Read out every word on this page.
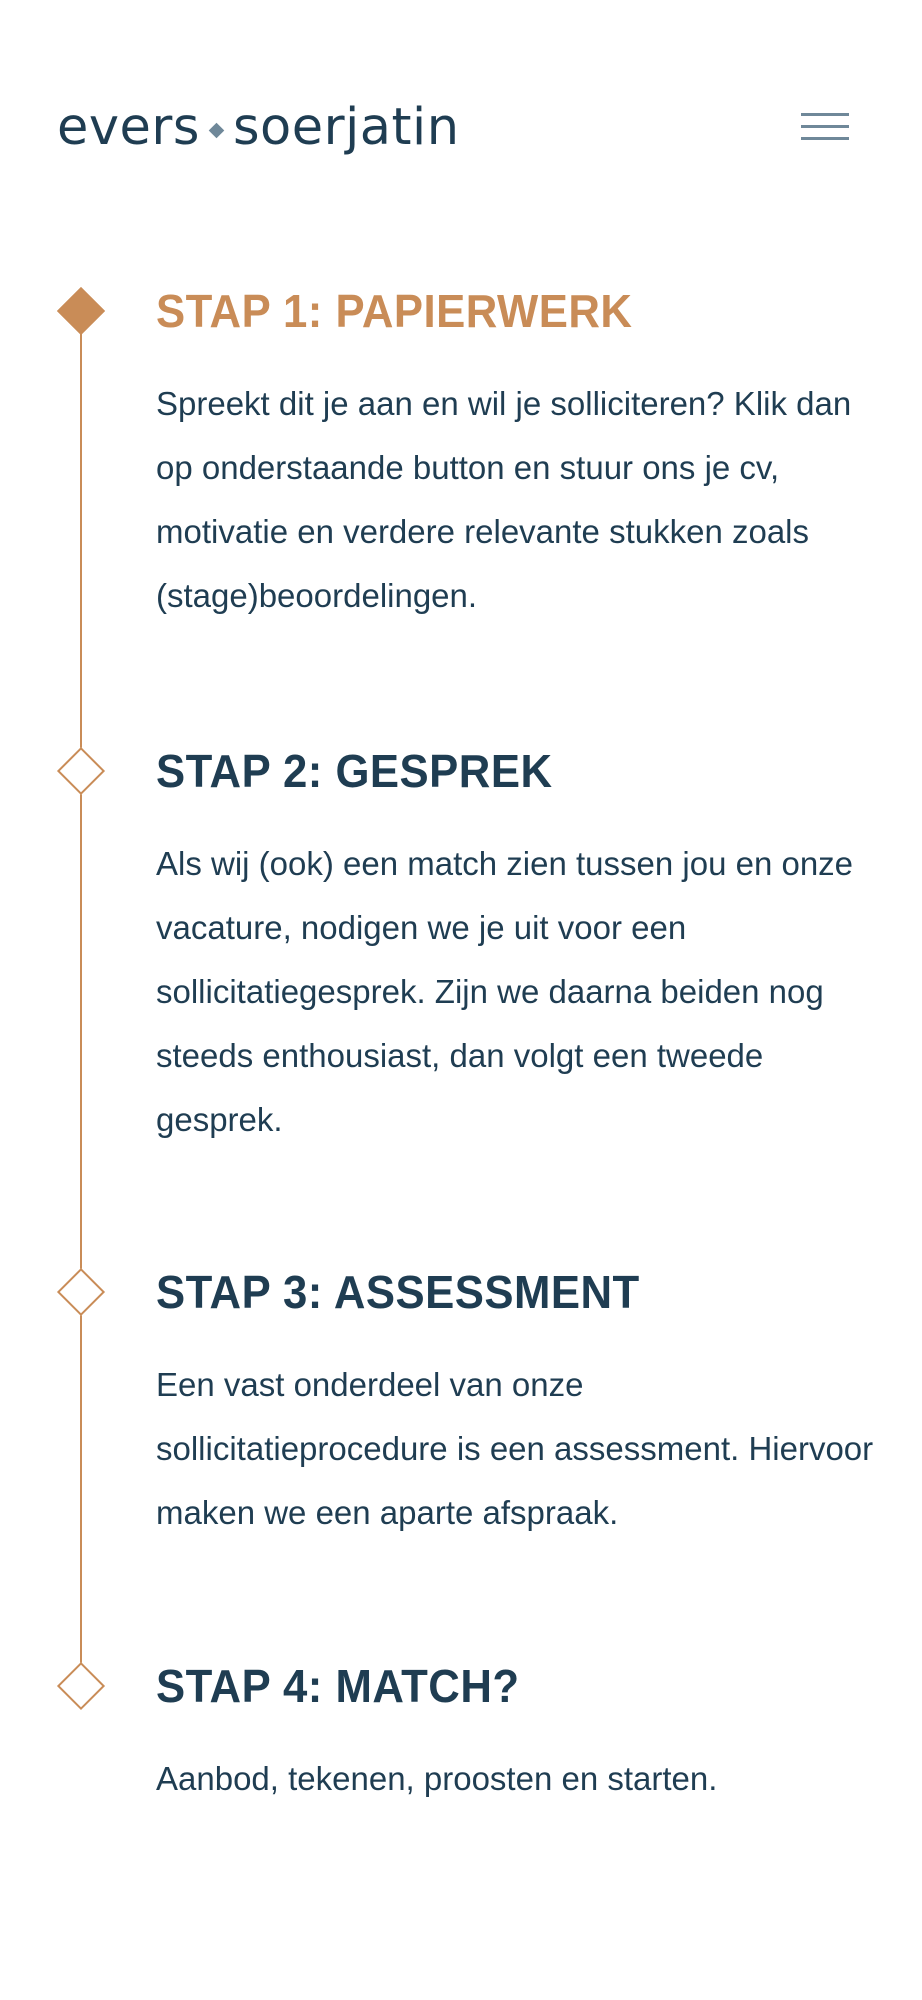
evers soerjatin
STAP 1: PAPIERWERK

Spreekt dit je aan en wil je solliciteren? Klik dan op onderstaande button en stuur ons je cv, motivatie en verdere relevante stukken zoals (stage)beoordelingen.

STAP 2: GESPREK

Als wij (ook) een match zien tussen jou en onze vacature, nodigen we je uit voor een sollicitatiegesprek. Zijn we daarna beiden nog steeds enthousiast, dan volgt een tweede gesprek.

STAP 3: ASSESSMENT

Een vast onderdeel van onze sollicitatieprocedure is een assessment. Hiervoor maken we een aparte afspraak.

STAP 4: MATCH?

Aanbod, tekenen, proosten en starten.
